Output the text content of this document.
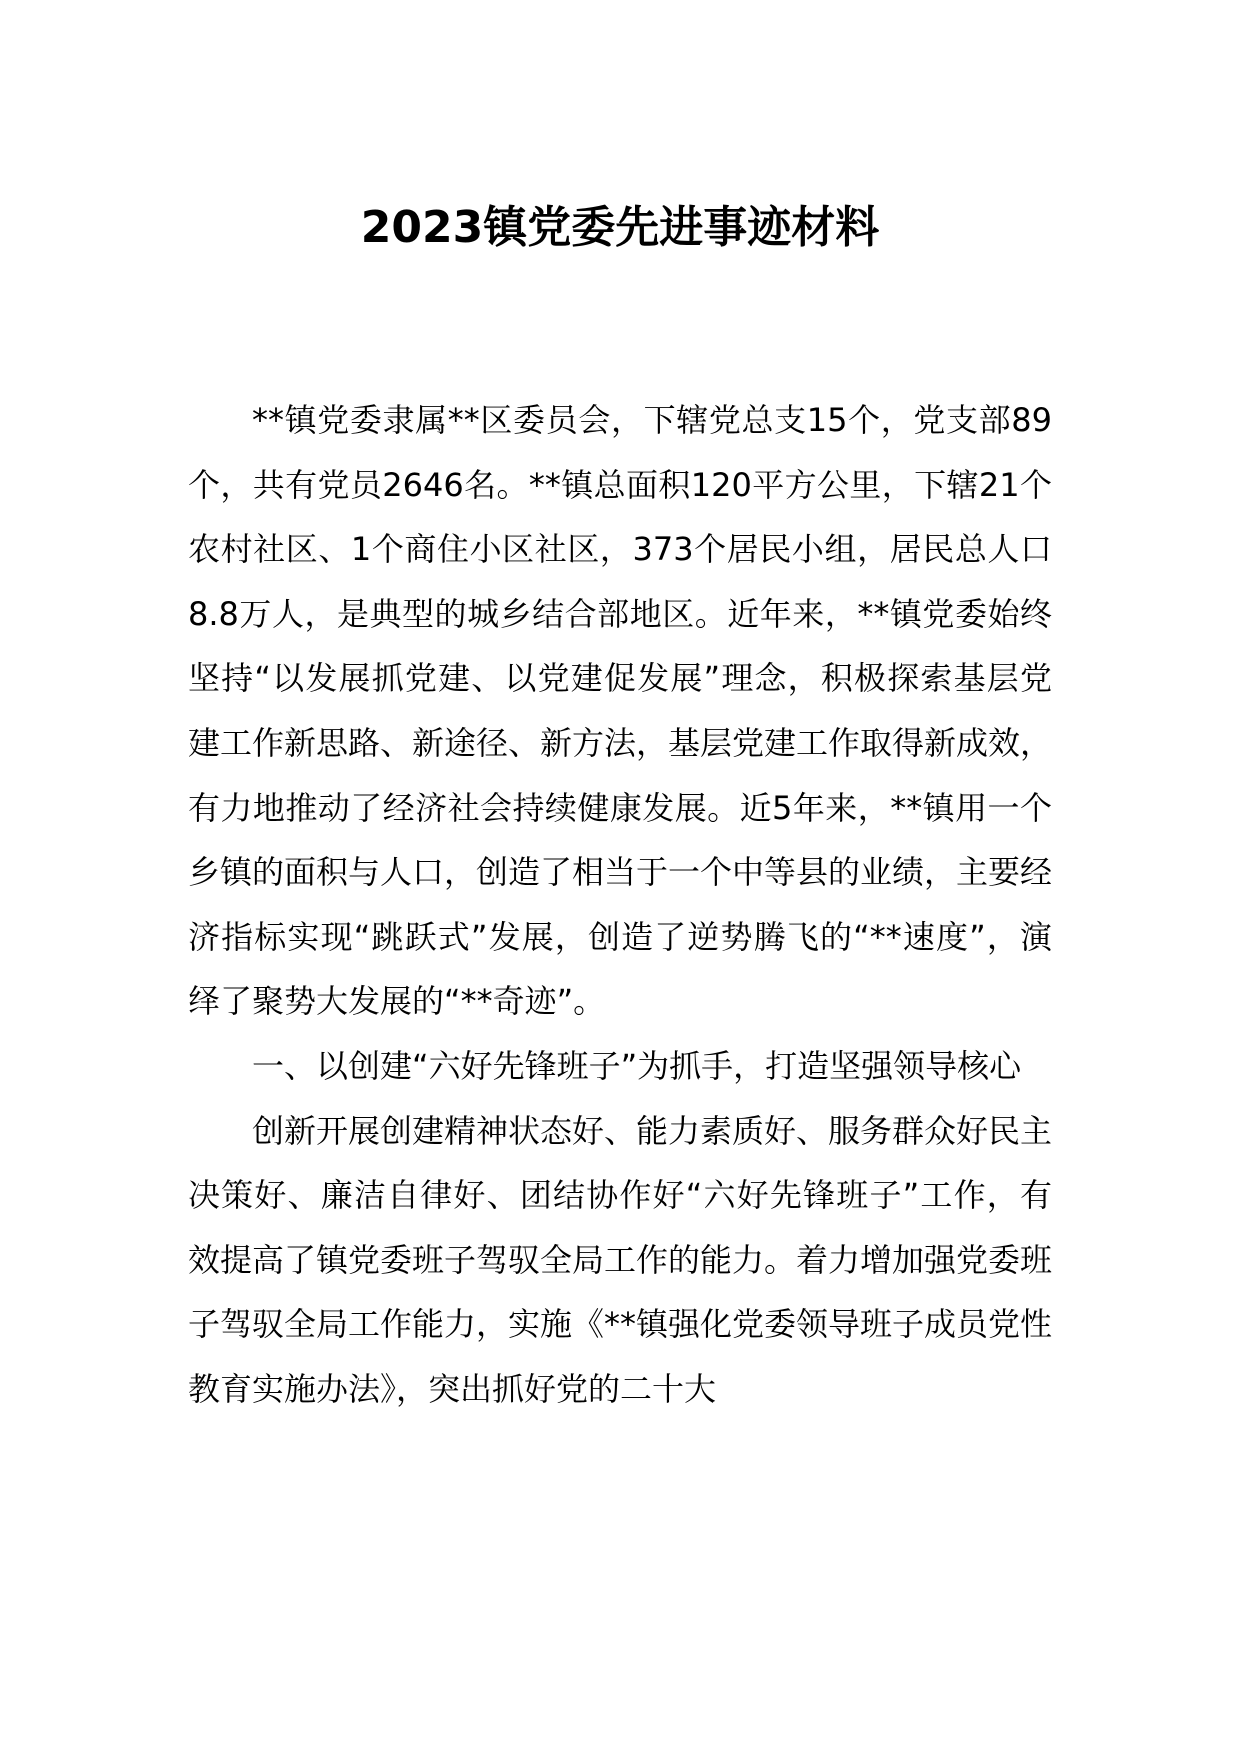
2023镇党委先进事迹材料

**镇党委隶属**区委员会，下辖党总支15个，党支部89个，共有党员2646名。**镇总面积120平方公里，下辖21个农村社区、1个商住小区社区，373个居民小组，居民总人口8.8万人，是典型的城乡结合部地区。近年来，**镇党委始终坚持“以发展抓党建、以党建促发展”理念，积极探索基层党建工作新思路、新途径、新方法，基层党建工作取得新成效，有力地推动了经济社会持续健康发展。近5年来，**镇用一个乡镇的面积与人口，创造了相当于一个中等县的业绩，主要经济指标实现“跳跃式”发展，创造了逆势腾飞的“**速度”，演绎了聚势大发展的“**奇迹”。

一、以创建“六好先锋班子”为抓手，打造坚强领导核心

创新开展创建精神状态好、能力素质好、服务群众好民主决策好、廉洁自律好、团结协作好“六好先锋班子”工作，有效提高了镇党委班子驾驭全局工作的能力。着力增加强党委班子驾驭全局工作能力，实施《**镇强化党委领导班子成员党性教育实施办法》，突出抓好党的二十大
